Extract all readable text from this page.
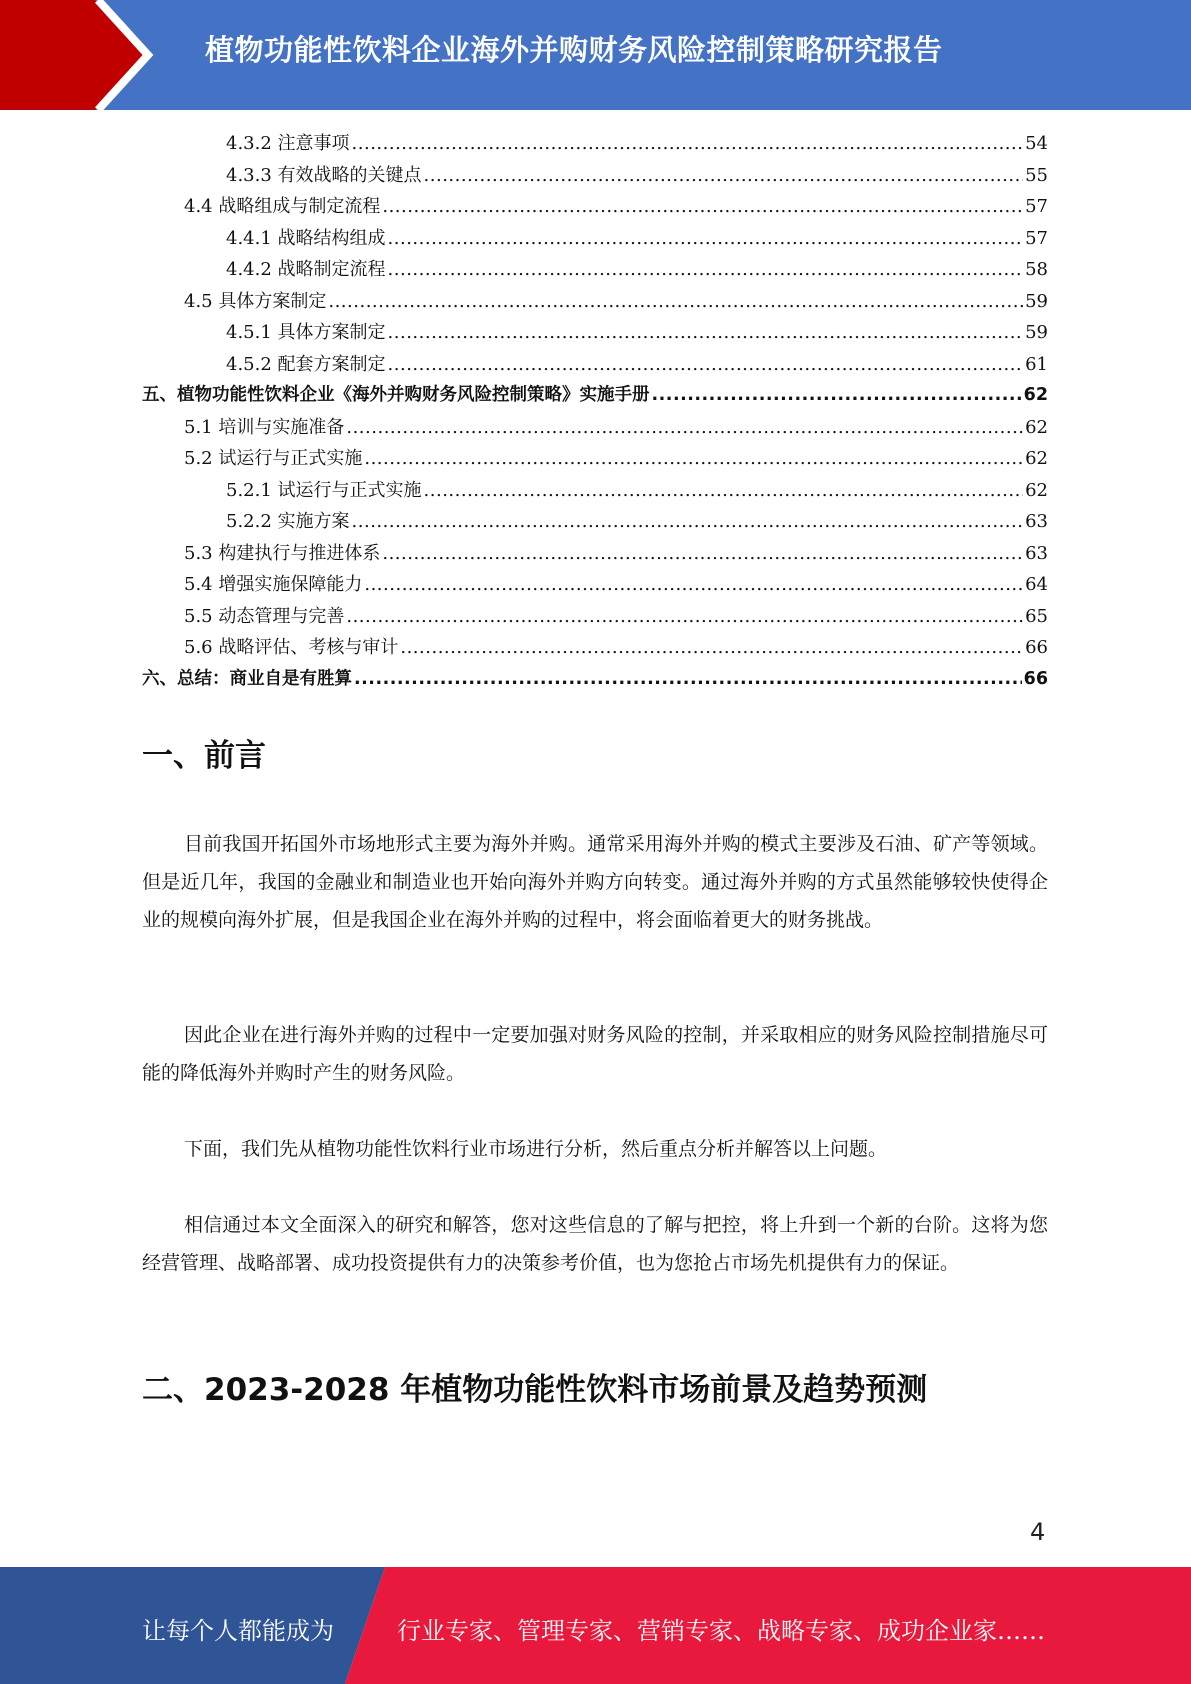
植物功能性饮料企业海外并购财务风险控制策略研究报告
4.3.2 注意事项 .....	54
4.3.3 有效战略的关键点 .....	55
4.4 战略组成与制定流程 .....	57
4.4.1 战略结构组成 .....	57
4.4.2 战略制定流程 .....	58
4.5 具体方案制定 .....	59
4.5.1 具体方案制定 .....	59
4.5.2 配套方案制定 .....	61
五、植物功能性饮料企业《海外并购财务风险控制策略》实施手册 .....	62
5.1 培训与实施准备 .....	62
5.2 试运行与正式实施 .....	62
5.2.1 试运行与正式实施 .....	62
5.2.2 实施方案 .....	63
5.3 构建执行与推进体系 .....	63
5.4 增强实施保障能力 .....	64
5.5 动态管理与完善 .....	65
5.6 战略评估、考核与审计 .....	66
六、总结：商业自是有胜算 .....	66
一、前言

目前我国开拓国外市场地形式主要为海外并购。通常采用海外并购的模式主要涉及石油、矿产等领域。但是近几年，我国的金融业和制造业也开始向海外并购方向转变。通过海外并购的方式虽然能够较快使得企业的规模向海外扩展，但是我国企业在海外并购的过程中，将会面临着更大的财务挑战。

因此企业在进行海外并购的过程中一定要加强对财务风险的控制，并采取相应的财务风险控制措施尽可能的降低海外并购时产生的财务风险。

下面，我们先从植物功能性饮料行业市场进行分析，然后重点分析并解答以上问题。

相信通过本文全面深入的研究和解答，您对这些信息的了解与把控，将上升到一个新的台阶。这将为您经营管理、战略部署、成功投资提供有力的决策参考价值，也为您抢占市场先机提供有力的保证。

二、2023-2028 年植物功能性饮料市场前景及趋势预测
4
让每个人都能成为	行业专家、管理专家、营销专家、战略专家、成功企业家……
